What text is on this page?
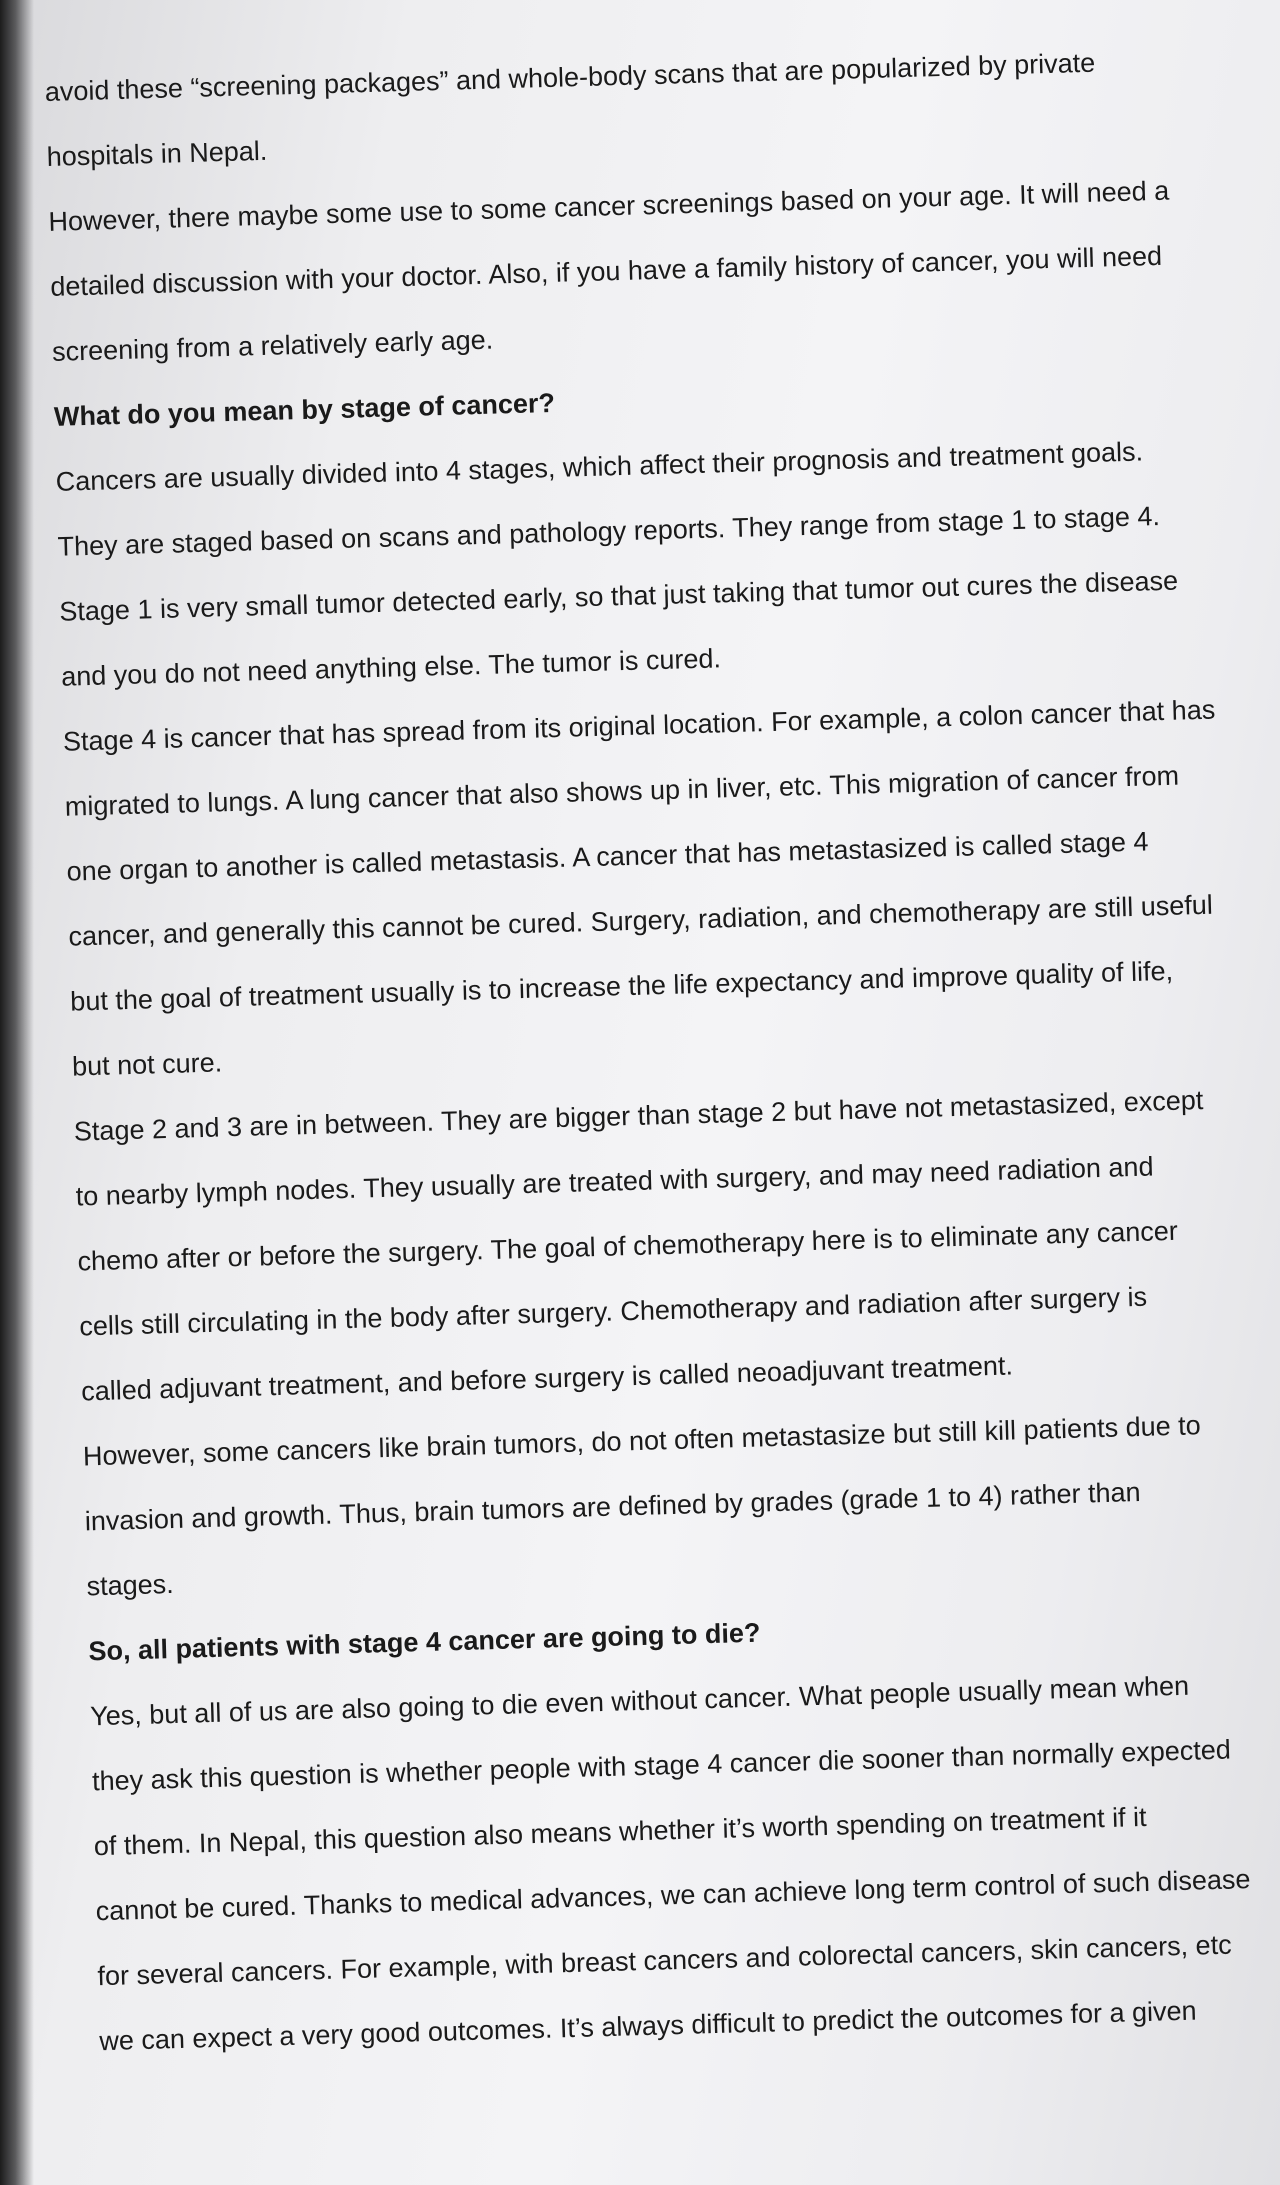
avoid these “screening packages” and whole-body scans that are popularized by private
hospitals in Nepal.
However, there maybe some use to some cancer screenings based on your age. It will need a
detailed discussion with your doctor. Also, if you have a family history of cancer, you will need
screening from a relatively early age.
What do you mean by stage of cancer?
Cancers are usually divided into 4 stages, which affect their prognosis and treatment goals.
They are staged based on scans and pathology reports. They range from stage 1 to stage 4.
Stage 1 is very small tumor detected early, so that just taking that tumor out cures the disease
and you do not need anything else. The tumor is cured.
Stage 4 is cancer that has spread from its original location. For example, a colon cancer that has
migrated to lungs. A lung cancer that also shows up in liver, etc. This migration of cancer from
one organ to another is called metastasis. A cancer that has metastasized is called stage 4
cancer, and generally this cannot be cured. Surgery, radiation, and chemotherapy are still useful
but the goal of treatment usually is to increase the life expectancy and improve quality of life,
but not cure.
Stage 2 and 3 are in between. They are bigger than stage 2 but have not metastasized, except
to nearby lymph nodes. They usually are treated with surgery, and may need radiation and
chemo after or before the surgery. The goal of chemotherapy here is to eliminate any cancer
cells still circulating in the body after surgery. Chemotherapy and radiation after surgery is
called adjuvant treatment, and before surgery is called neoadjuvant treatment.
However, some cancers like brain tumors, do not often metastasize but still kill patients due to
invasion and growth. Thus, brain tumors are defined by grades (grade 1 to 4) rather than
stages.
So, all patients with stage 4 cancer are going to die?
Yes, but all of us are also going to die even without cancer. What people usually mean when
they ask this question is whether people with stage 4 cancer die sooner than normally expected
of them. In Nepal, this question also means whether it’s worth spending on treatment if it
cannot be cured. Thanks to medical advances, we can achieve long term control of such disease
for several cancers. For example, with breast cancers and colorectal cancers, skin cancers, etc
we can expect a very good outcomes. It’s always difficult to predict the outcomes for a given
